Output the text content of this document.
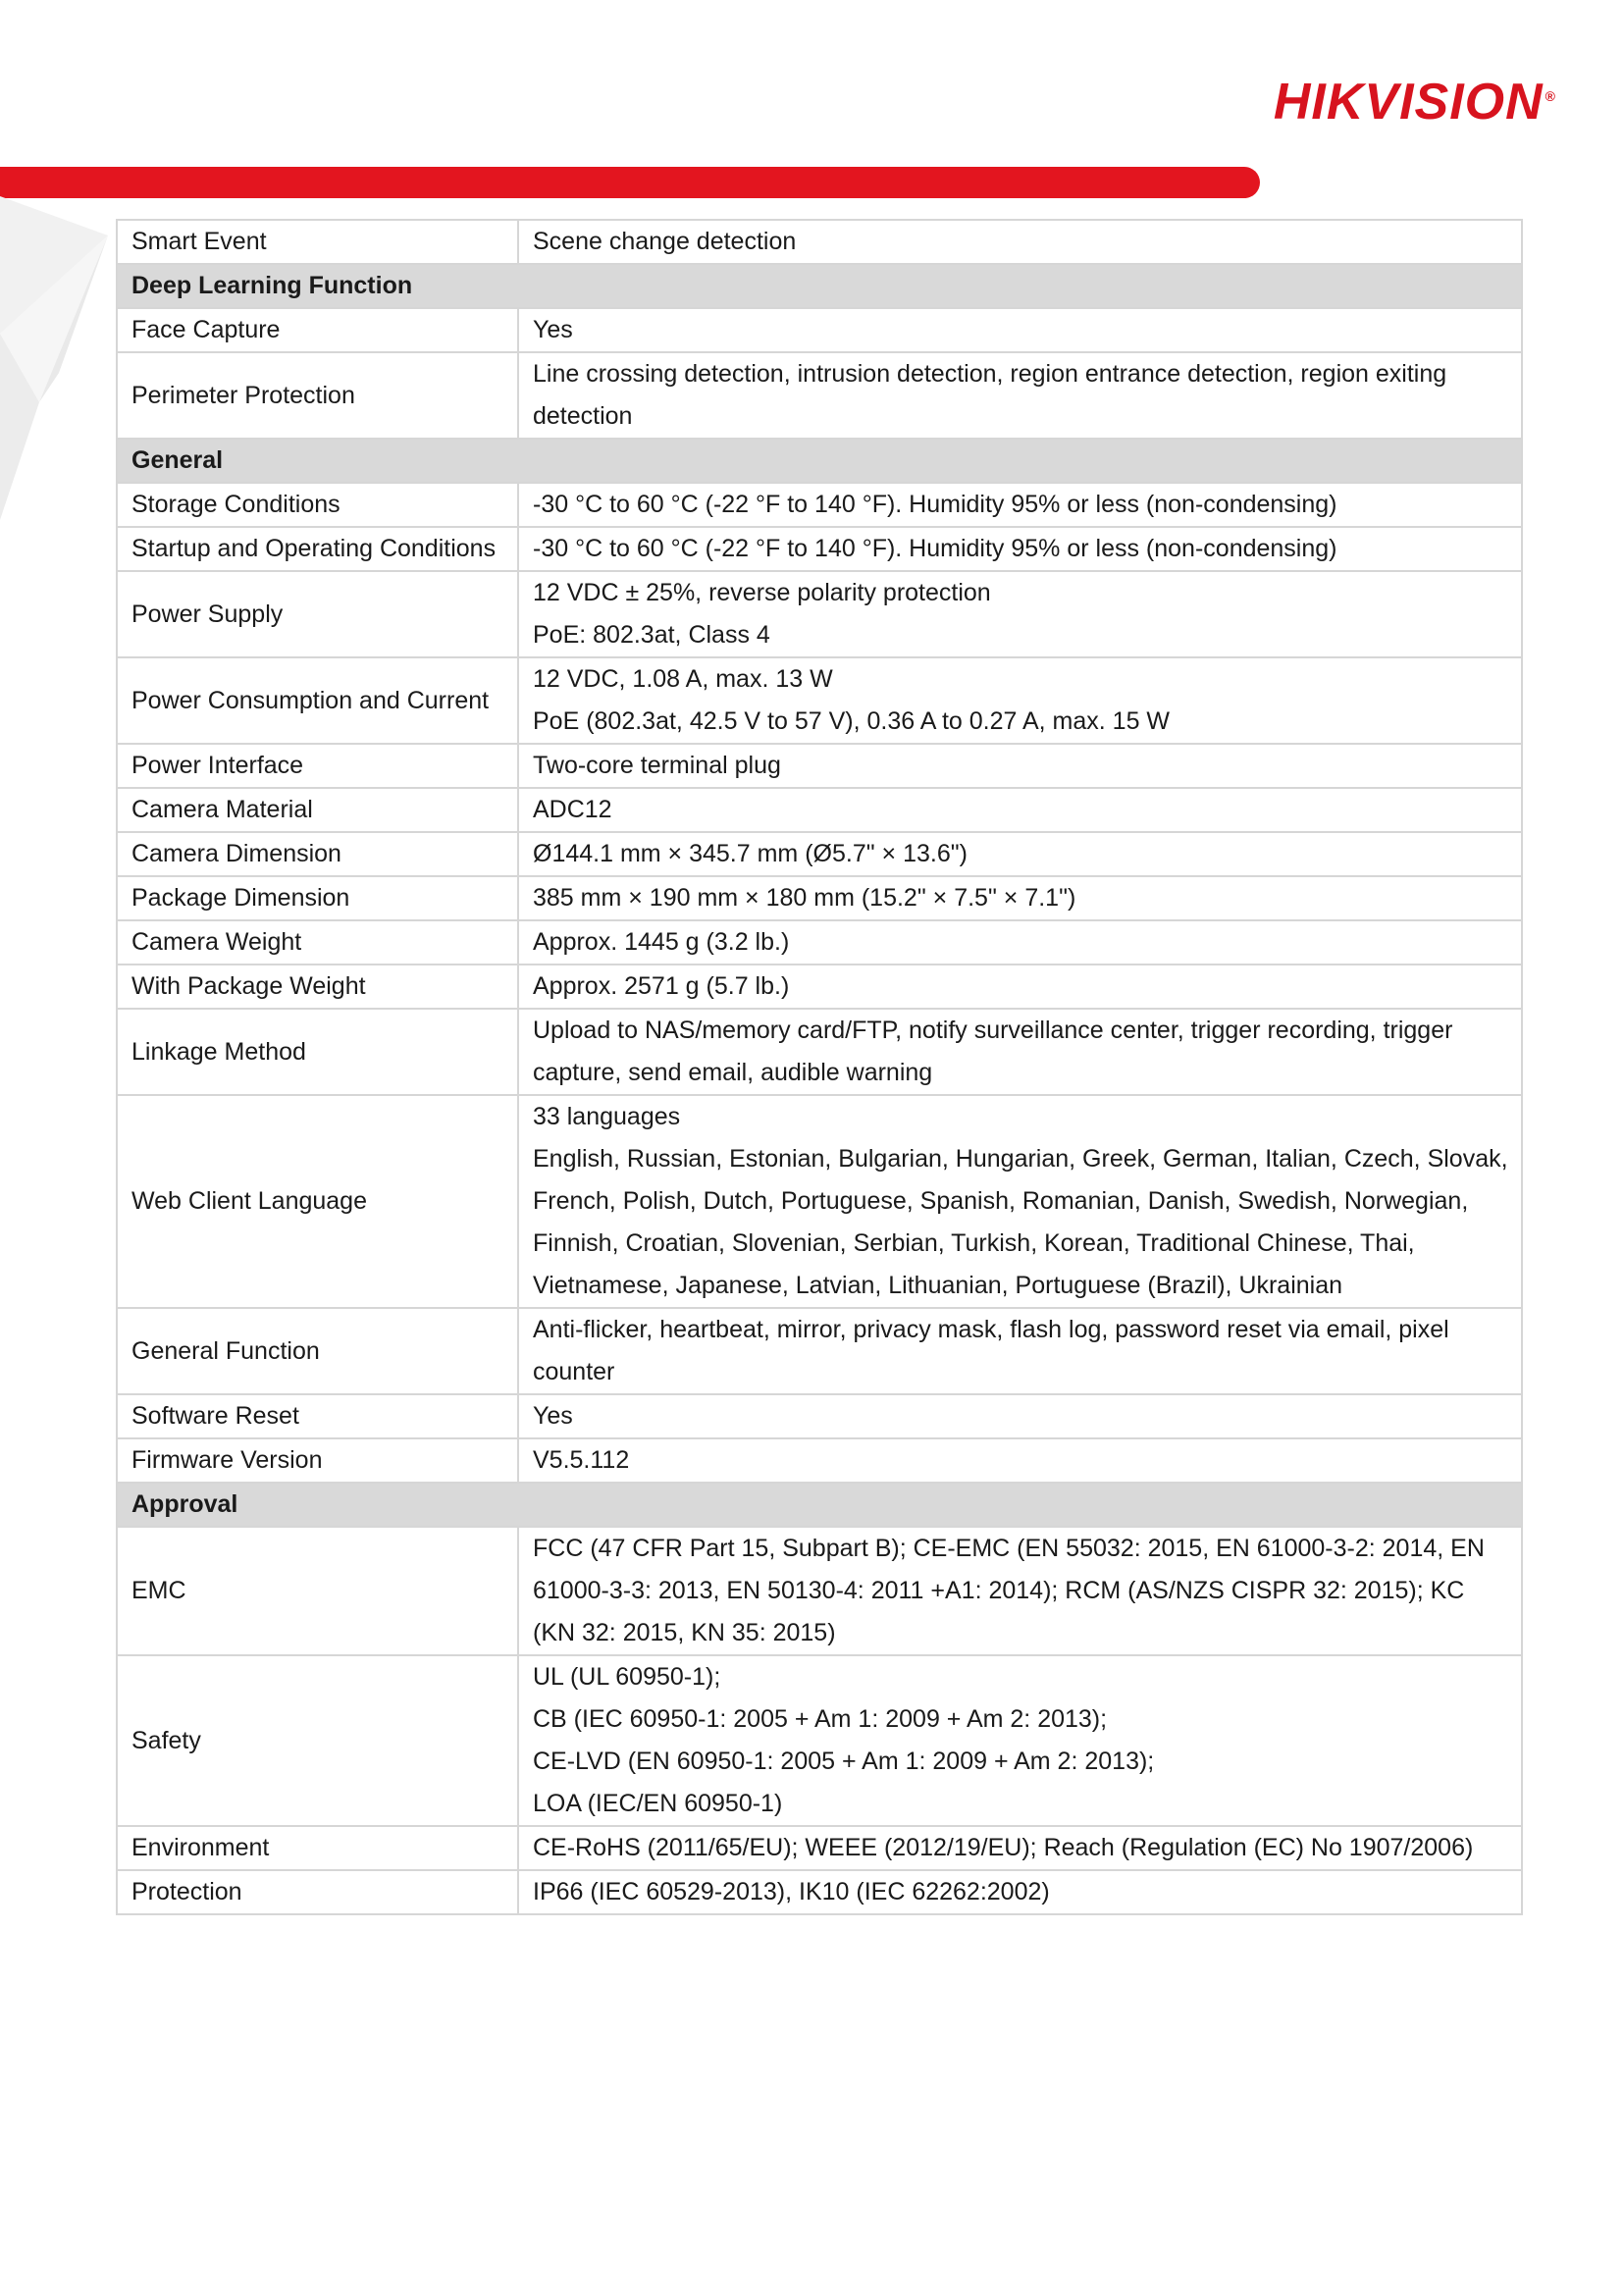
HIKVISION ®
Smart Event	Scene change detection

Deep Learning Function	
Face Capture	Yes

Perimeter Protection	Line crossing detection, intrusion detection, region entrance detection, region exiting detection

General	
Storage Conditions	-30 °C to 60 °C (-22 °F to 140 °F). Humidity 95% or less (non-condensing)

Startup and Operating Conditions	-30 °C to 60 °C (-22 °F to 140 °F). Humidity 95% or less (non-condensing)

Power Supply	12 VDC ± 25%, reverse polarity protection
PoE: 802.3at, Class 4

Power Consumption and Current	12 VDC, 1.08 A, max. 13 W
PoE (802.3at, 42.5 V to 57 V), 0.36 A to 0.27 A, max. 15 W

Power Interface	Two-core terminal plug

Camera Material	ADC12

Camera Dimension	Ø144.1 mm × 345.7 mm (Ø5.7" × 13.6")

Package Dimension	385 mm × 190 mm × 180 mm (15.2" × 7.5" × 7.1")

Camera Weight	Approx. 1445 g (3.2 lb.)

With Package Weight	Approx. 2571 g (5.7 lb.)

Linkage Method	Upload to NAS/memory card/FTP, notify surveillance center, trigger recording, trigger capture, send email, audible warning

Web Client Language	33 languages
English, Russian, Estonian, Bulgarian, Hungarian, Greek, German, Italian, Czech, Slovak, French, Polish, Dutch, Portuguese, Spanish, Romanian, Danish, Swedish, Norwegian, Finnish, Croatian, Slovenian, Serbian, Turkish, Korean, Traditional Chinese, Thai, Vietnamese, Japanese, Latvian, Lithuanian, Portuguese (Brazil), Ukrainian

General Function	Anti-flicker, heartbeat, mirror, privacy mask, flash log, password reset via email, pixel counter

Software Reset	Yes

Firmware Version	V5.5.112

Approval	
EMC	FCC (47 CFR Part 15, Subpart B); CE-EMC (EN 55032: 2015, EN 61000-3-2: 2014, EN 61000-3-3: 2013, EN 50130-4: 2011 +A1: 2014); RCM (AS/NZS CISPR 32: 2015); KC (KN 32: 2015, KN 35: 2015)

Safety	UL (UL 60950-1);
CB (IEC 60950-1: 2005 + Am 1: 2009 + Am 2: 2013);
CE-LVD (EN 60950-1: 2005 + Am 1: 2009 + Am 2: 2013);
LOA (IEC/EN 60950-1)

Environment	CE-RoHS (2011/65/EU); WEEE (2012/19/EU); Reach (Regulation (EC) No 1907/2006)

Protection	IP66 (IEC 60529-2013), IK10 (IEC 62262:2002)
